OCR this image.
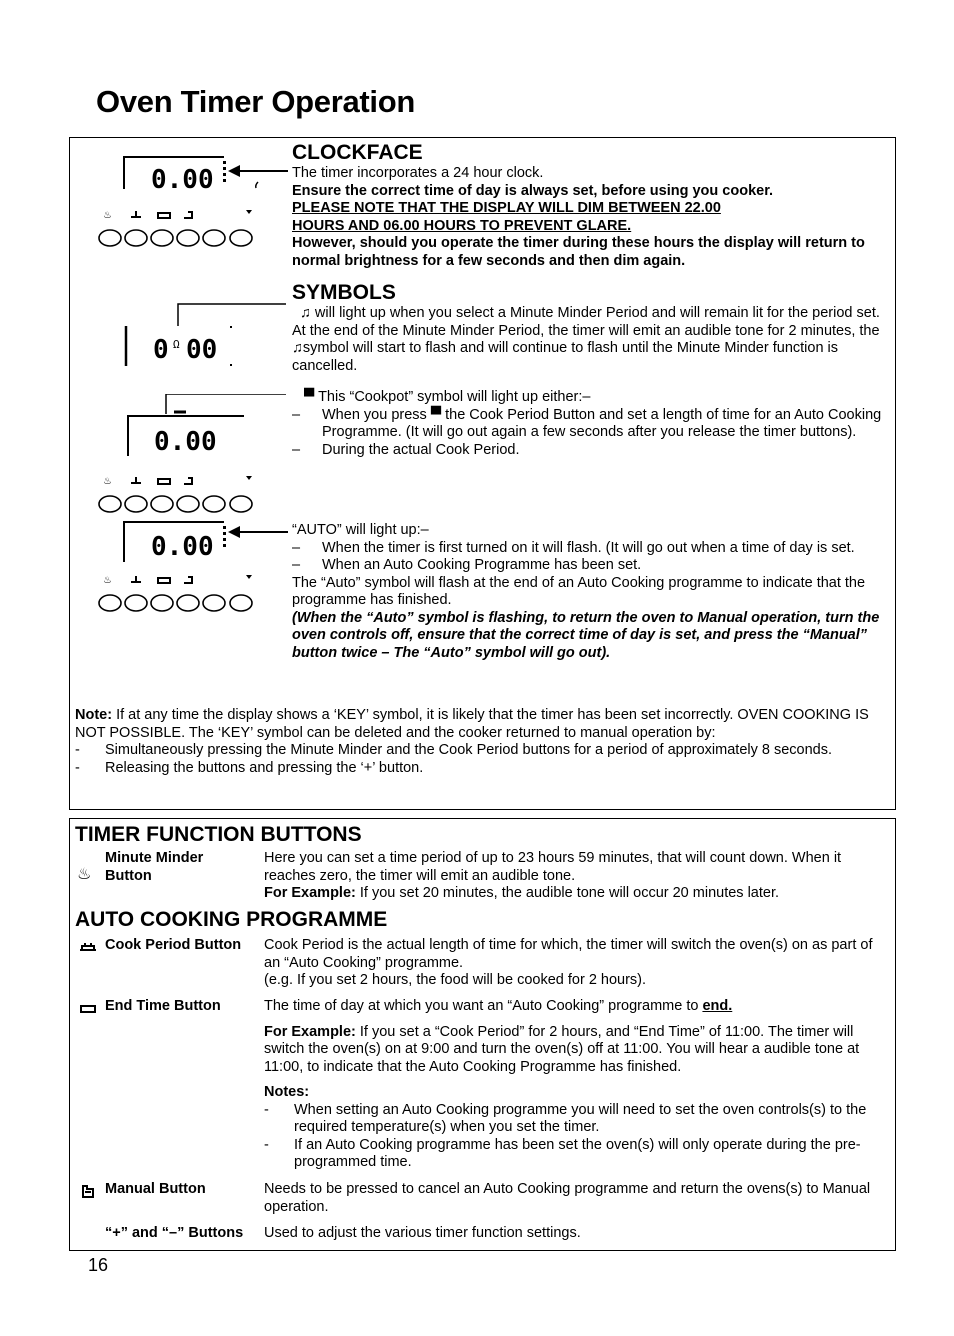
Oven Timer Operation
0.00
♨
CLOCKFACE

The timer incorporates a 24 hour clock.

Ensure the correct time of day is always set, before using you cooker.

PLEASE NOTE THAT THE DISPLAY WILL DIM BETWEEN 22.00

HOURS AND 06.00 HOURS TO PREVENT GLARE.

However, should you operate the timer during these hours the display will return to normal brightness for a few seconds and then dim again.

0 Ω 00
SYMBOLS

♫ will light up when you select a Minute Minder Period and will remain lit for the period set. At the end of the Minute Minder Period, the timer will emit an audible tone for 2 minutes, the ♫symbol will start to flash and will continue to flash until the Minute Minder function is cancelled.

0.00
♨

▀ This “Cookpot” symbol will light up either:–

– When you press ▀ the Cook Period Button and set a length of time for an Auto Cooking Programme. (It will go out again a few seconds after you release the timer buttons).

– During the actual Cook Period.

0.00
♨

“AUTO” will light up:–

– When the timer is first turned on it will flash. (It will go out when a time of day is set.

– When an Auto Cooking Programme has been set.

The “Auto” symbol will flash at the end of an Auto Cooking programme to indicate that the programme has finished.

(When the “Auto” symbol is flashing, to return the oven to Manual operation, turn the oven controls off, ensure that the correct time of day is set, and press the “Manual” button twice – The “Auto” symbol will go out).

Note: If at any time the display shows a ‘KEY’ symbol, it is likely that the timer has been set incorrectly. OVEN COOKING IS NOT POSSIBLE. The ‘KEY’ symbol can be deleted and the cooker returned to manual operation by:

- Simultaneously pressing the Minute Minder and the Cook Period buttons for a period of approximately 8 seconds.

- Releasing the buttons and pressing the ‘+’ button.

TIMER FUNCTION BUTTONS
♨
Minute Minder
Button

Here you can set a time period of up to 23 hours 59 minutes, that will count down. When it reaches zero, the timer will emit an audible tone.

For Example: If you set 20 minutes, the audible tone will occur 20 minutes later.

AUTO COOKING PROGRAMME
Cook Period Button Cook Period is the actual length of time for which, the timer will switch the oven(s) on as part of an “Auto Cooking” programme.

(e.g. If you set 2 hours, the food will be cooked for 2 hours).

End Time Button	The time of day at which you want an “Auto Cooking” programme to end.

For Example: If you set a “Cook Period” for 2 hours, and “End Time” of 11:00. The timer will switch the oven(s) on at 9:00 and turn the oven(s) off at 11:00. You will hear a audible tone at 11:00, to indicate that the Auto Cooking Programme has finished.

Notes:

- When setting an Auto Cooking programme you will need to set the oven controls(s) to the required temperature(s) when you set the timer.

- If an Auto Cooking programme has been set the oven(s) will only operate during the pre-programmed time.

Manual Button	Needs to be pressed to cancel an Auto Cooking programme and return the ovens(s) to Manual operation.

“+” and “–” Buttons Used to adjust the various timer function settings.

16
